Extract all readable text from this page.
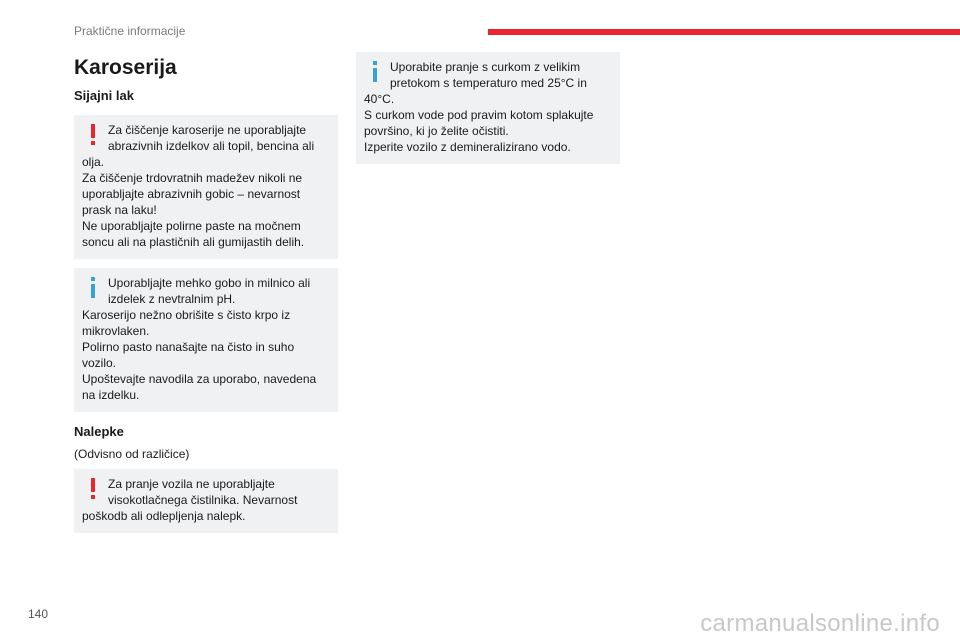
Praktične informacije
Karoserija
Sijajni lak

Za čiščenje karoserije ne uporabljajte abrazivnih izdelkov ali topil, bencina ali olja.

Za čiščenje trdovratnih madežev nikoli ne uporabljajte abrazivnih gobic – nevarnost prask na laku!

Ne uporabljajte polirne paste na močnem soncu ali na plastičnih ali gumijastih delih.

Uporabljajte mehko gobo in milnico ali izdelek z nevtralnim pH.

Karoserijo nežno obrišite s čisto krpo iz mikrovlaken.

Polirno pasto nanašajte na čisto in suho vozilo.

Upoštevajte navodila za uporabo, navedena na izdelku.

Nalepke

(Odvisno od različice)

Za pranje vozila ne uporabljajte visokotlačnega čistilnika. Nevarnost poškodb ali odlepljenja nalepk.

Uporabite pranje s curkom z velikim pretokom s temperaturo med 25°C in 40°C.

S curkom vode pod pravim kotom splakujte površino, ki jo želite očistiti.

Izperite vozilo z demineralizirano vodo.

140	carmanualsonline.info
